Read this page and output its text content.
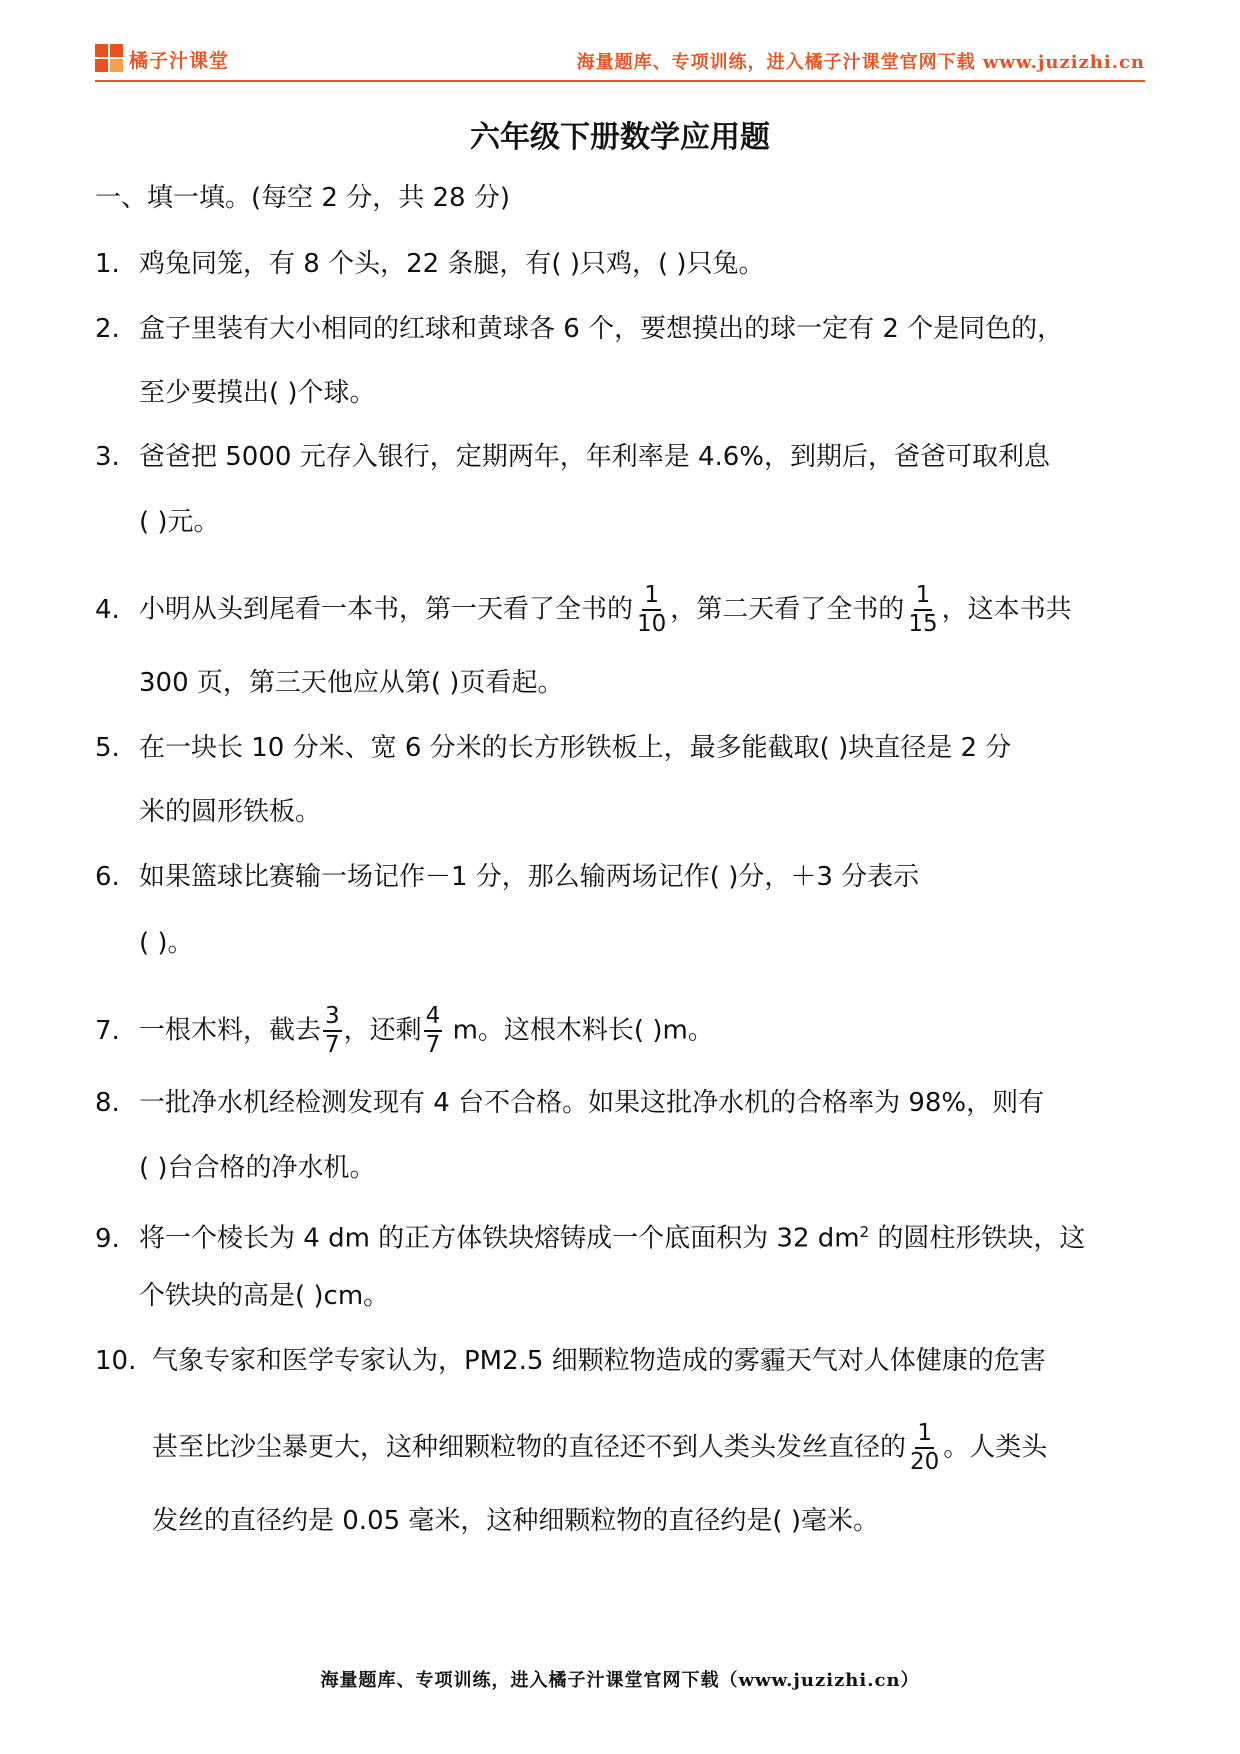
橘子汁课堂	海量题库、专项训练，进入橘子汁课堂官网下载 www.juzizhi.cn
六年级下册数学应用题
一、填一填。(每空 2 分，共 28 分)
1. 鸡兔同笼，有 8 个头，22 条腿，有( )只鸡，( )只兔。
2. 盒子里装有大小相同的红球和黄球各 6 个，要想摸出的球一定有 2 个是同色的，
至少要摸出( )个球。
3. 爸爸把 5000 元存入银行，定期两年，年利率是 4.6%，到期后，爸爸可取利息
( )元。
4. 小明从头到尾看一本书，第一天看了全书的 $\frac{1}{10}$ ，第二天看了全书的 $\frac{1}{15}$ ，这本书共
300 页，第三天他应从第( )页看起。
5. 在一块长 10 分米、宽 6 分米的长方形铁板上，最多能截取( )块直径是 2 分
米的圆形铁板。
6. 如果篮球比赛输一场记作－1 分，那么输两场记作( )分，＋3 分表示
( )。
7. 一根木料，截去 $\frac{3}{7}$ ，还剩 $\frac{4}{7}$ m。这根木料长( )m。
8. 一批净水机经检测发现有 4 台不合格。如果这批净水机的合格率为 98%，则有
( )台合格的净水机。
9. 将一个棱长为 4 dm 的正方体铁块熔铸成一个底面积为 32 $dm^2$ 的圆柱形铁块，这
个铁块的高是( )cm。
10. 气象专家和医学专家认为，PM2.5 细颗粒物造成的雾霾天气对人体健康的危害
甚至比沙尘暴更大，这种细颗粒物的直径还不到人类头发丝直径的 $\frac{1}{20}$ 。人类头
发丝的直径约是 0.05 毫米，这种细颗粒物的直径约是( )毫米。
海量题库、专项训练，进入橘子汁课堂官网下载（www.juzizhi.cn）
